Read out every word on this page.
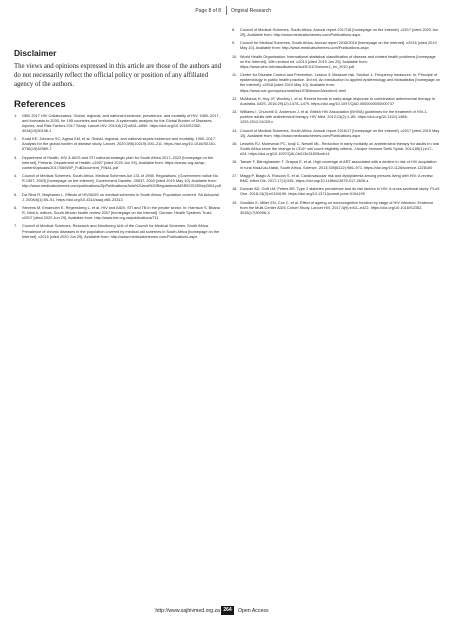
Page 8 of 8 Original Research
Disclaimer

The views and opinions expressed in this article are those of the authors and do not necessarily reflect the official policy or position of any affiliated agency of the authors.

References
1. GBD 2017 HIV Collaborators. Global, regional, and national incidence, prevalence, and mortality of HIV, 1980–2017, and forecasts to 2030, for 195 countries and territories: A systematic analysis for the Global Burden of Diseases, Injuries, and Risk Factors 2017 Study. Lancet HIV. 2019;6(12):e831–e859. https://doi.org/10.1016/S2352-3018(19)30196-1
2. Kodd KE, Johnson SC, Agesa KM, et al. Global, regional, and national sepsis incidence and mortality, 1990–2017: Analysis for the global burden of disease study. Lancet. 2020;395(10219):200–211. https://doi.org/10.1016/S0140-6736(19)32989-7
3. Department of Health. HIV & AIDS and STI national strategic plan for South Africa 2017–2022 [homepage on the Internet]. Pretoria: Department of Health; c2007 [cited 2020 Jun 29]. Available from: https://sanac.org.za/wp-content/uploads/2017/06/NSP_FullDocument_FINAL.pdf
4. Council of Medical Schemes, South Africa. Medical Schemes Act 131 of 1998. Regulations. (Government notice No. R.1397, 2003) [homepage on the Internet]. Government Gazette, 25537, 2003 [cited 2019 May 10]. Available from: http://www.medicalschemes.com/publications/ZipPublications/Acts%20and%20Regulations/MSREGS25Sep2004.pdf
5. Da Silva R, Maybanez L. Effects of HIV/AIDS on medical schemes in South Africa: Population covered. SA Actuarial J. 2008;8(1):55–91. https://doi.org/10.4314/saaj.v8i1.24313
6. Stevens M, Emamoen E, Regensberg L, et al. HIV and AIDS: STI and TB in the private sector. In: Harrison S, Bhana R, Ntuli A, editors. South African health review 2007 [homepage on the Internet]. Durban: Health Systems Trust; c2007 [cited 2020 Jun 29]. Available from: http://www.hst.org.za/publications/711
7. Council of Medical Schemes, Research and Monitoring Unit of the Council for Medical Schemes, South Africa. Prevalence of chronic diseases in the population covered by medical aid schemes in South Africa [homepage on the Internet]. c2015 [cited 2020 Jun 29]. Available from: http://www.medicalschemes.com/Publications.aspx
8. Council of Medical Schemes, South Africa. Annual report 2017/18 [homepage on the Internet]. c2017 [cited 2020 Jun 29]. Available from: http://www.medicalschemes.com/Publications.aspx
9. Council for Medical Schemes, South Africa. Annual report 2015/2016 [homepage on the Internet]. c2016 [cited 2019 May 10]. Available from: http://www.medicalschemes.com/Publications.aspx
10. World Health Organisation. International statistical classification of disease and related health problems [homepage on the Internet]. 10th revised ed. c2013 [cited 2019 Jun 29]. Available from: https://www.who.int/classifications/icd/ICD10Volume2_en_2010.pdf
11. Centre for Disease Control and Prevention. Lesson 3: Measure risk. Section 1: Frequency measures. In: Principle of epidemiology in public health practice. 3rd ed. An introduction to applied epidemiology and biostatistics [homepage on the Internet]. c2018 [cited 2019 May 10]. Available from: https://www.cdc.gov/opeso/oelst/ss1978/lesson3/section1.html
12. McManus H, Hoy JF, Woolley I, et al. Recent trends in early-stage response to combination antiretroviral therapy in Australia. AIDS. 2015;29(12):1475–1479. https://doi.org/10.1097/QAD.0000000000000737
13. Williams I, Churchill D, Anderson J, et al. British HIV Association (BHIVA) guidelines for the treatment of HIV-1-positive adults with antiretroviral therapy. HIV Med. 2012;13(2):1–85. https://doi.org/10.1111/j.1468-1293.2012.01029.x
14. Council of Medical Schemes, South Africa. Annual report 2016/17 [homepage on the Internet]. c2017 [cited 2019 May 10]. Available from: http://www.medicalschemes.com/Publications.aspx
15. Lessells RJ, Mutevedzi PC, Iwuji C, Newell ML. Reduction in early mortality on antiretroviral therapy for adults in rural South Africa since the change to CD4+ cell count eligibility criteria. J Acquir Immune Defic Syndr. 2014;65(1):e17–e24. https://doi.org/10.1097/QAI.0b013e31829ceb14
16. Tanser F, Bärnighausen T, Grapsa E, et al. High coverage of ART associated with a decline in risk of HIV acquisition in rural KwaZulu-Natal, South Africa. Science. 2013;339(6122):966–971. https://doi.org/10.1126/science.1228160
17. Maggi P, Biagio A, Rusconi S, et al. Cardiovascular risk and dyslipidemia among persons living with HIV: A review. BMC Infect Dis. 2017;17(1):551. https://doi.org/10.1186/s12879-017-2626-z
18. Duncan AD, Goff LM, Peters BS. Type 2 diabetes prevalence and its risk factors in HIV: A cross-sectional study. PLoS One. 2018;13(3):e0194199. https://doi.org/10.1371/journal.pone.0194199
19. Goodkin K, Miller EN, Cox C, et al. Effect of ageing on neurocognitive function by stage of HIV infection: Evidence from the Multi-Center AIDS Cohort Study. Lancet HIV. 2017;4(9):e411–e422. https://doi.org/10.1016/S2352-3018(17)30098-X
http://www.sajhivmed.org.za 264	Open Access
